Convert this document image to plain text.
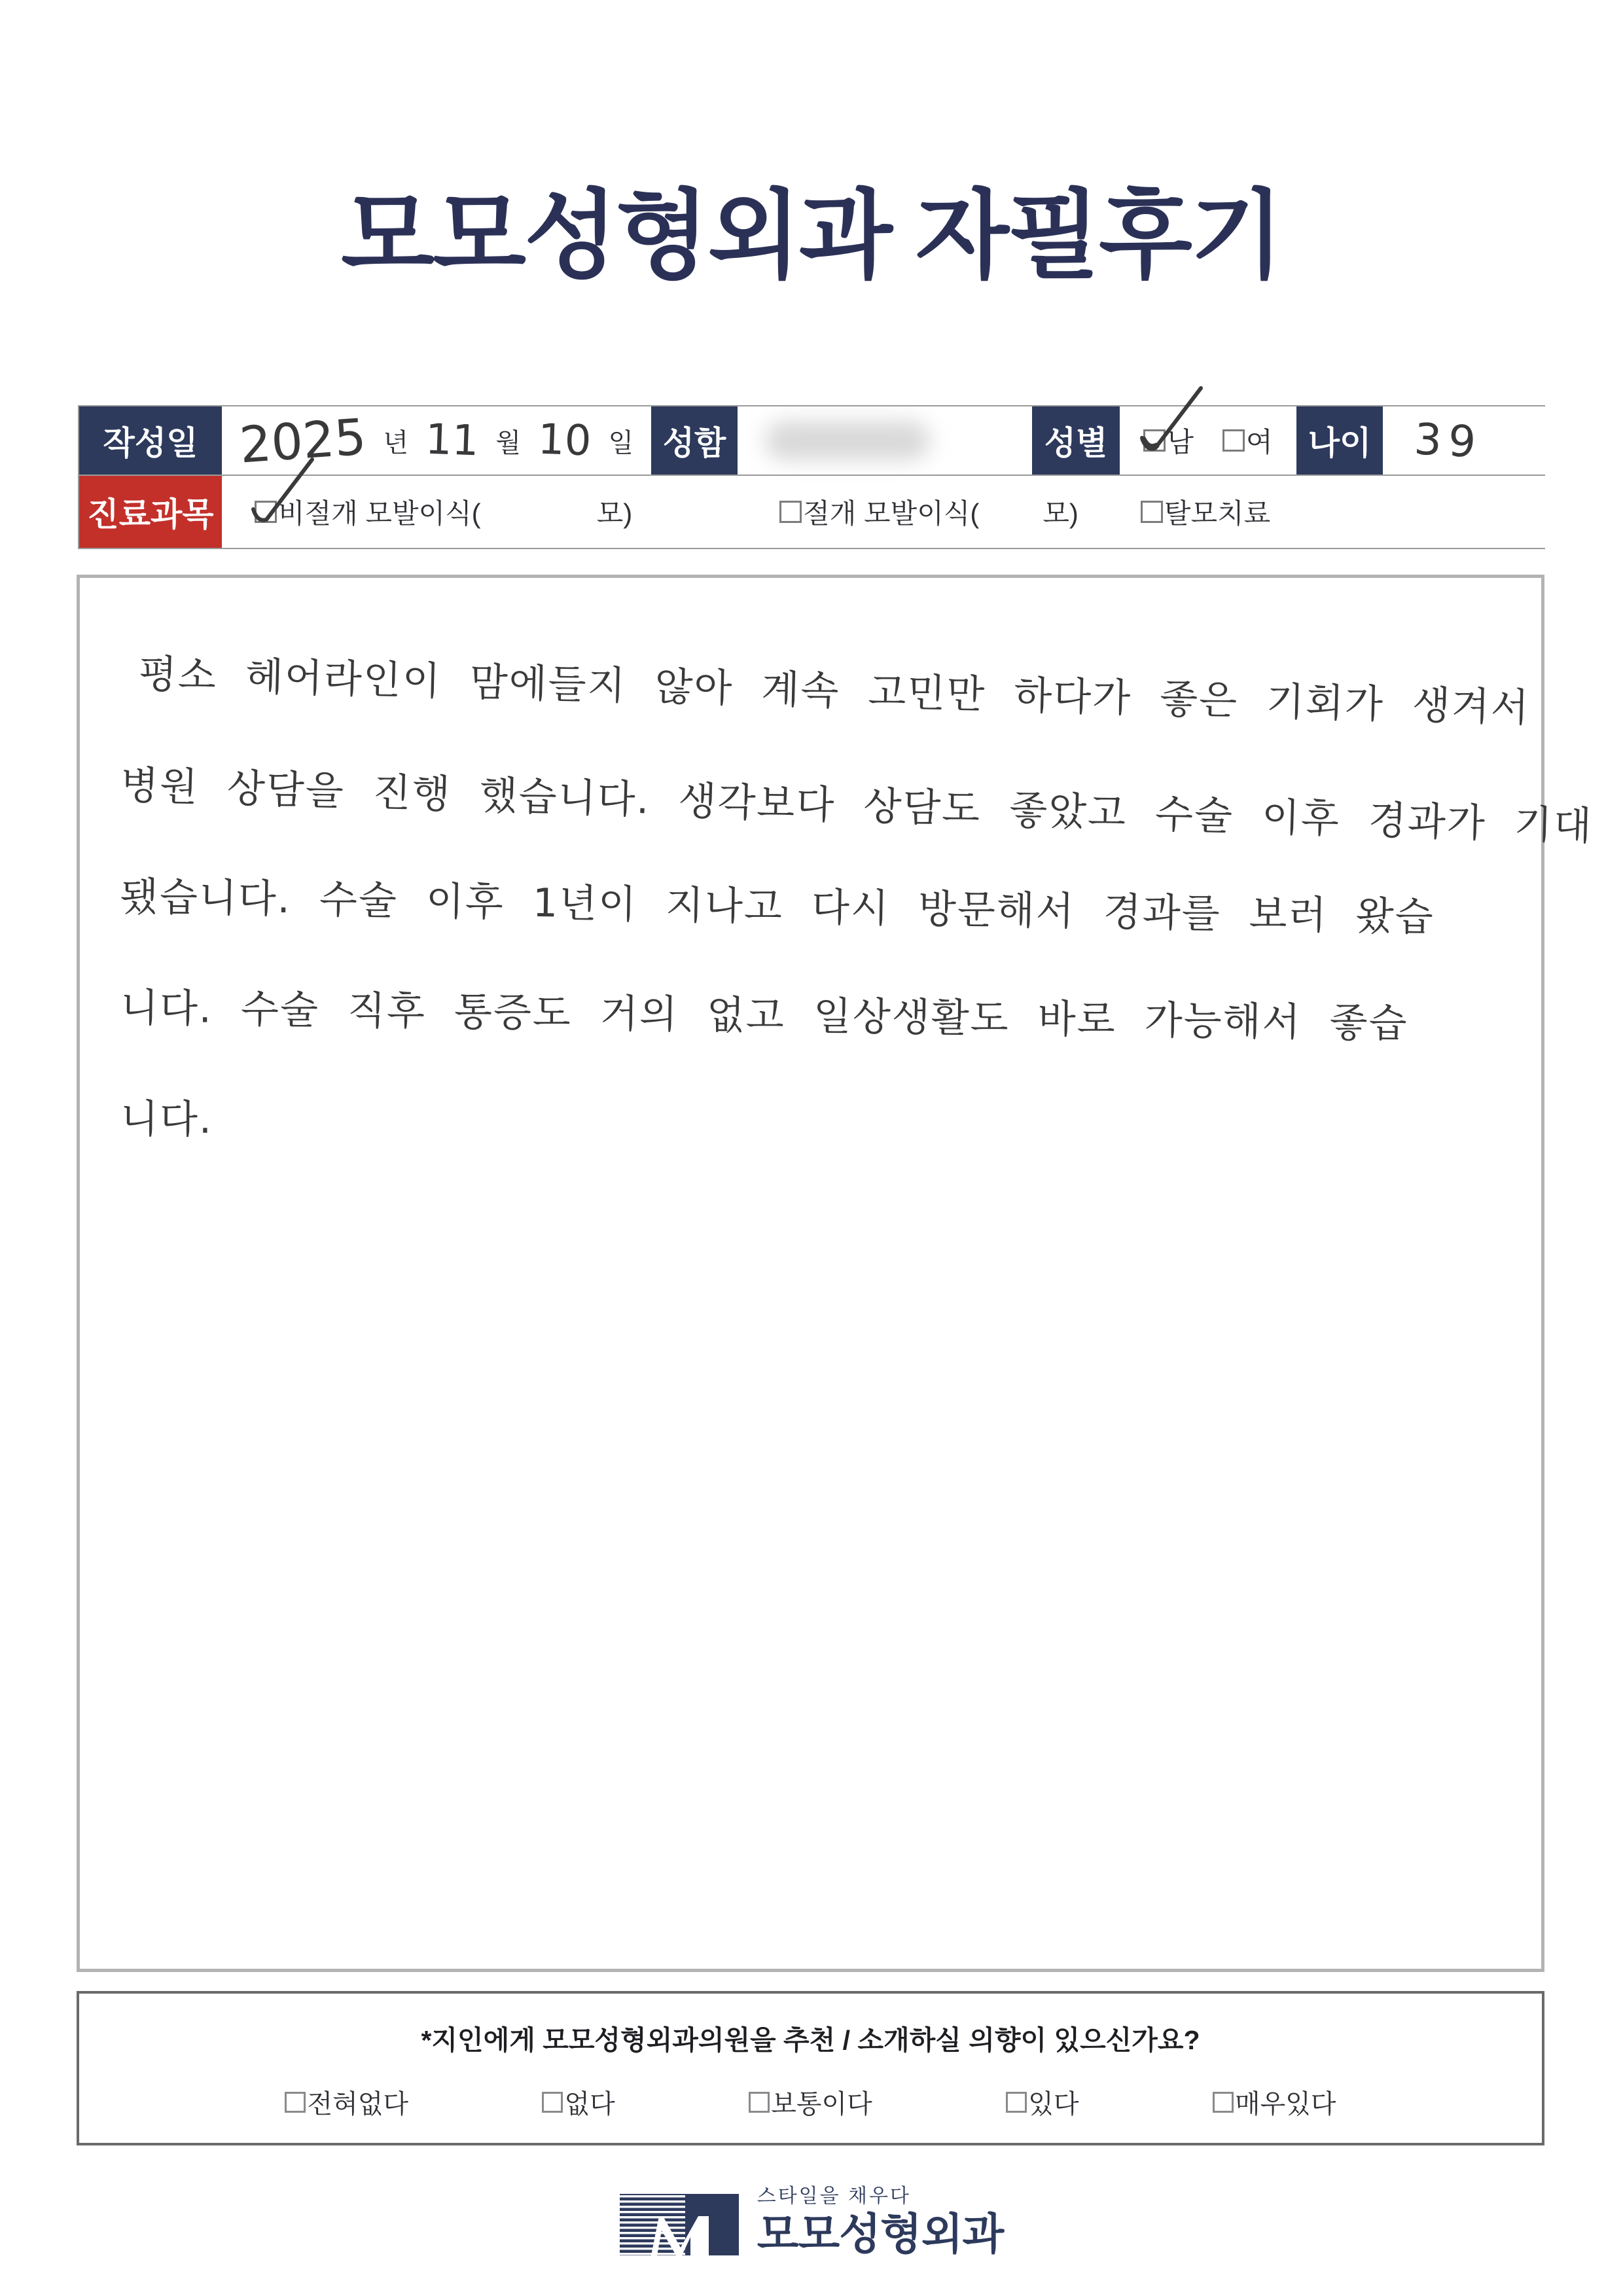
모모성형외과 자필후기
작성일 2025 년 11 월 10 일 성함	성별	남 여	나이 39
진료과목 비절개 모발이식(	모)	절개 모발이식( 모)	탈모치료
평소 헤어라인이 맘에들지 않아 계속 고민만 하다가 좋은 기회가 생겨서
병원 상담을 진행 했습니다. 생각보다 상담도 좋았고 수술 이후 경과가 기대
됐습니다. 수술 이후 1년이 지나고 다시 방문해서 경과를 보러 왔습
니다. 수술 직후 통증도 거의 없고 일상생활도 바로 가능해서 좋습
니다.
*지인에게 모모성형외과의원을 추천 / 소개하실 의향이 있으신가요?
전혀없다	없다	보통이다	있다	매우있다
스타일을 채우다
모모성형외과
